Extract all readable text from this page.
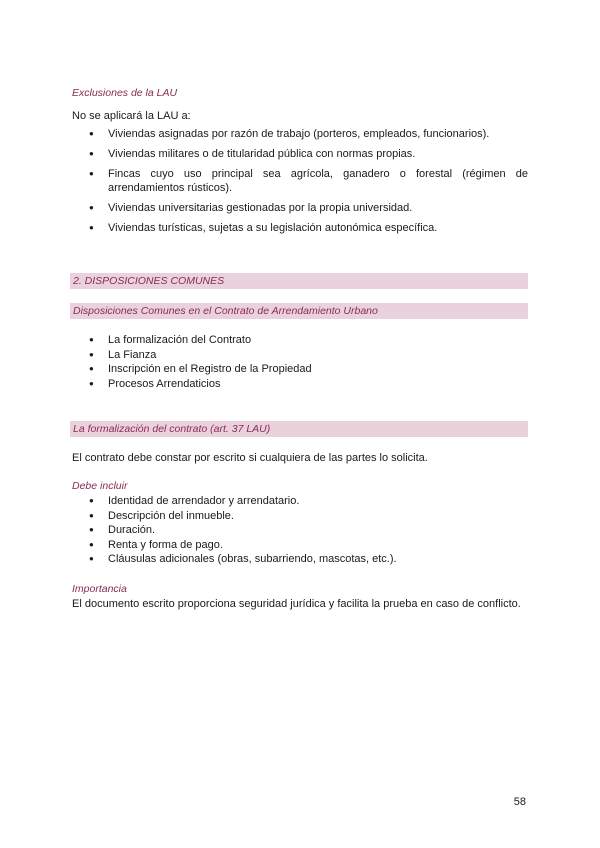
Exclusiones de la LAU
No se aplicará la LAU a:
● Viviendas asignadas por razón de trabajo (porteros, empleados, funcionarios).
● Viviendas militares o de titularidad pública con normas propias.
● Fincas cuyo uso principal sea agrícola, ganadero o forestal (régimen de arrendamientos rústicos).
● Viviendas universitarias gestionadas por la propia universidad.
● Viviendas turísticas, sujetas a su legislación autonómica específica.
2. DISPOSICIONES COMUNES
Disposiciones Comunes en el Contrato de Arrendamiento Urbano
● La formalización del Contrato
● La Fianza
● Inscripción en el Registro de la Propiedad
● Procesos Arrendaticios
La formalización del contrato (art. 37 LAU)
El contrato debe constar por escrito si cualquiera de las partes lo solicita.
Debe incluir
● Identidad de arrendador y arrendatario.
● Descripción del inmueble.
● Duración.
● Renta y forma de pago.
● Cláusulas adicionales (obras, subarriendo, mascotas, etc.).
Importancia
El documento escrito proporciona seguridad jurídica y facilita la prueba en caso de conflicto.
58
